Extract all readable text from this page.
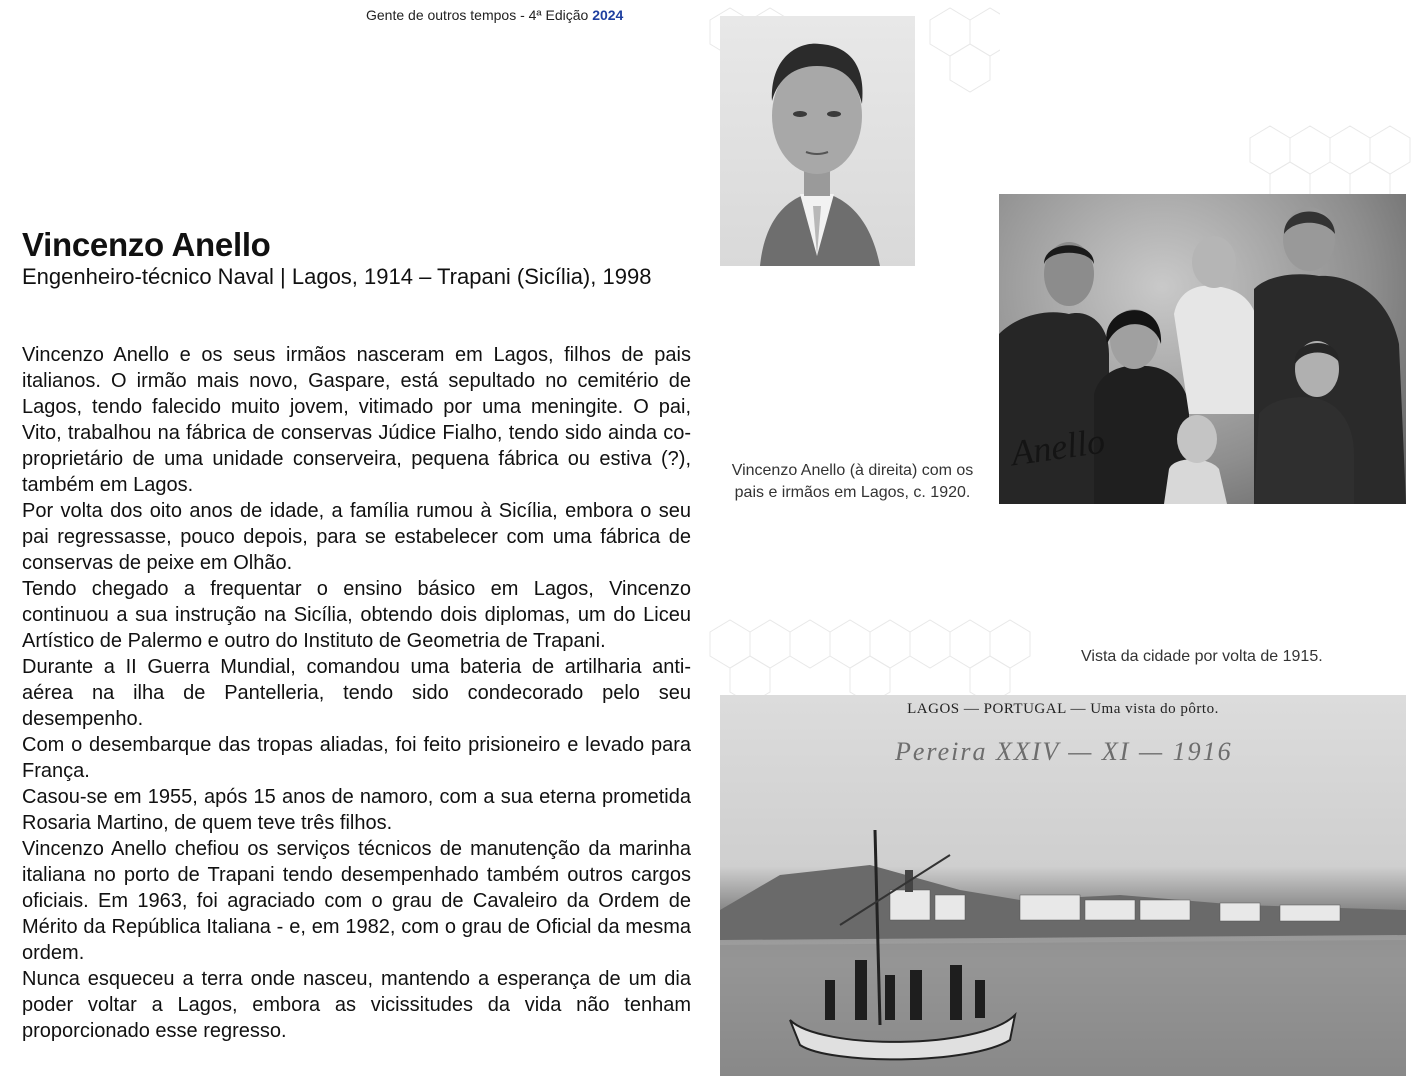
Gente de outros tempos - 4ª Edição 2024
Vincenzo Anello
Engenheiro-técnico Naval | Lagos, 1914 – Trapani (Sicília), 1998

Vincenzo Anello e os seus irmãos nasceram em Lagos, filhos de pais italianos. O irmão mais novo, Gaspare, está sepultado no cemitério de Lagos, tendo falecido muito jovem, vitimado por uma meningite. O pai, Vito, trabalhou na fábrica de conservas Júdice Fialho, tendo sido ainda co-proprietário de uma unidade conserveira, pequena fábrica ou estiva (?), também em Lagos.

Por volta dos oito anos de idade, a família rumou à Sicília, embora o seu pai regressasse, pouco depois, para se estabelecer com uma fábrica de conservas de peixe em Olhão.

Tendo chegado a frequentar o ensino básico em Lagos, Vincenzo continuou a sua instrução na Sicília, obtendo dois diplomas, um do Liceu Artístico de Palermo e outro do Instituto de Geometria de Trapani.

Durante a II Guerra Mundial, comandou uma bateria de artilharia anti-aérea na ilha de Pantelleria, tendo sido condecorado pelo seu desempenho.

Com o desembarque das tropas aliadas, foi feito prisioneiro e levado para França.

Casou-se em 1955, após 15 anos de namoro, com a sua eterna prometida Rosaria Martino, de quem teve três filhos.

Vincenzo Anello chefiou os serviços técnicos de manutenção da marinha italiana no porto de Trapani tendo desempenhado também outros cargos oficiais. Em 1963, foi agraciado com o grau de Cavaleiro da Ordem de Mérito da República Italiana - e, em 1982, com o grau de Oficial da mesma ordem.

Nunca esqueceu a terra onde nasceu, mantendo a esperança de um dia poder voltar a Lagos, embora as vicissitudes da vida não tenham proporcionado esse regresso.

Anello
Vincenzo Anello (à direita) com os pais e irmãos em Lagos, c. 1920.
Vista da cidade por volta de 1915.
LAGOS — PORTUGAL — Uma vista do pôrto.
Pereira XXIV — XI — 1916
